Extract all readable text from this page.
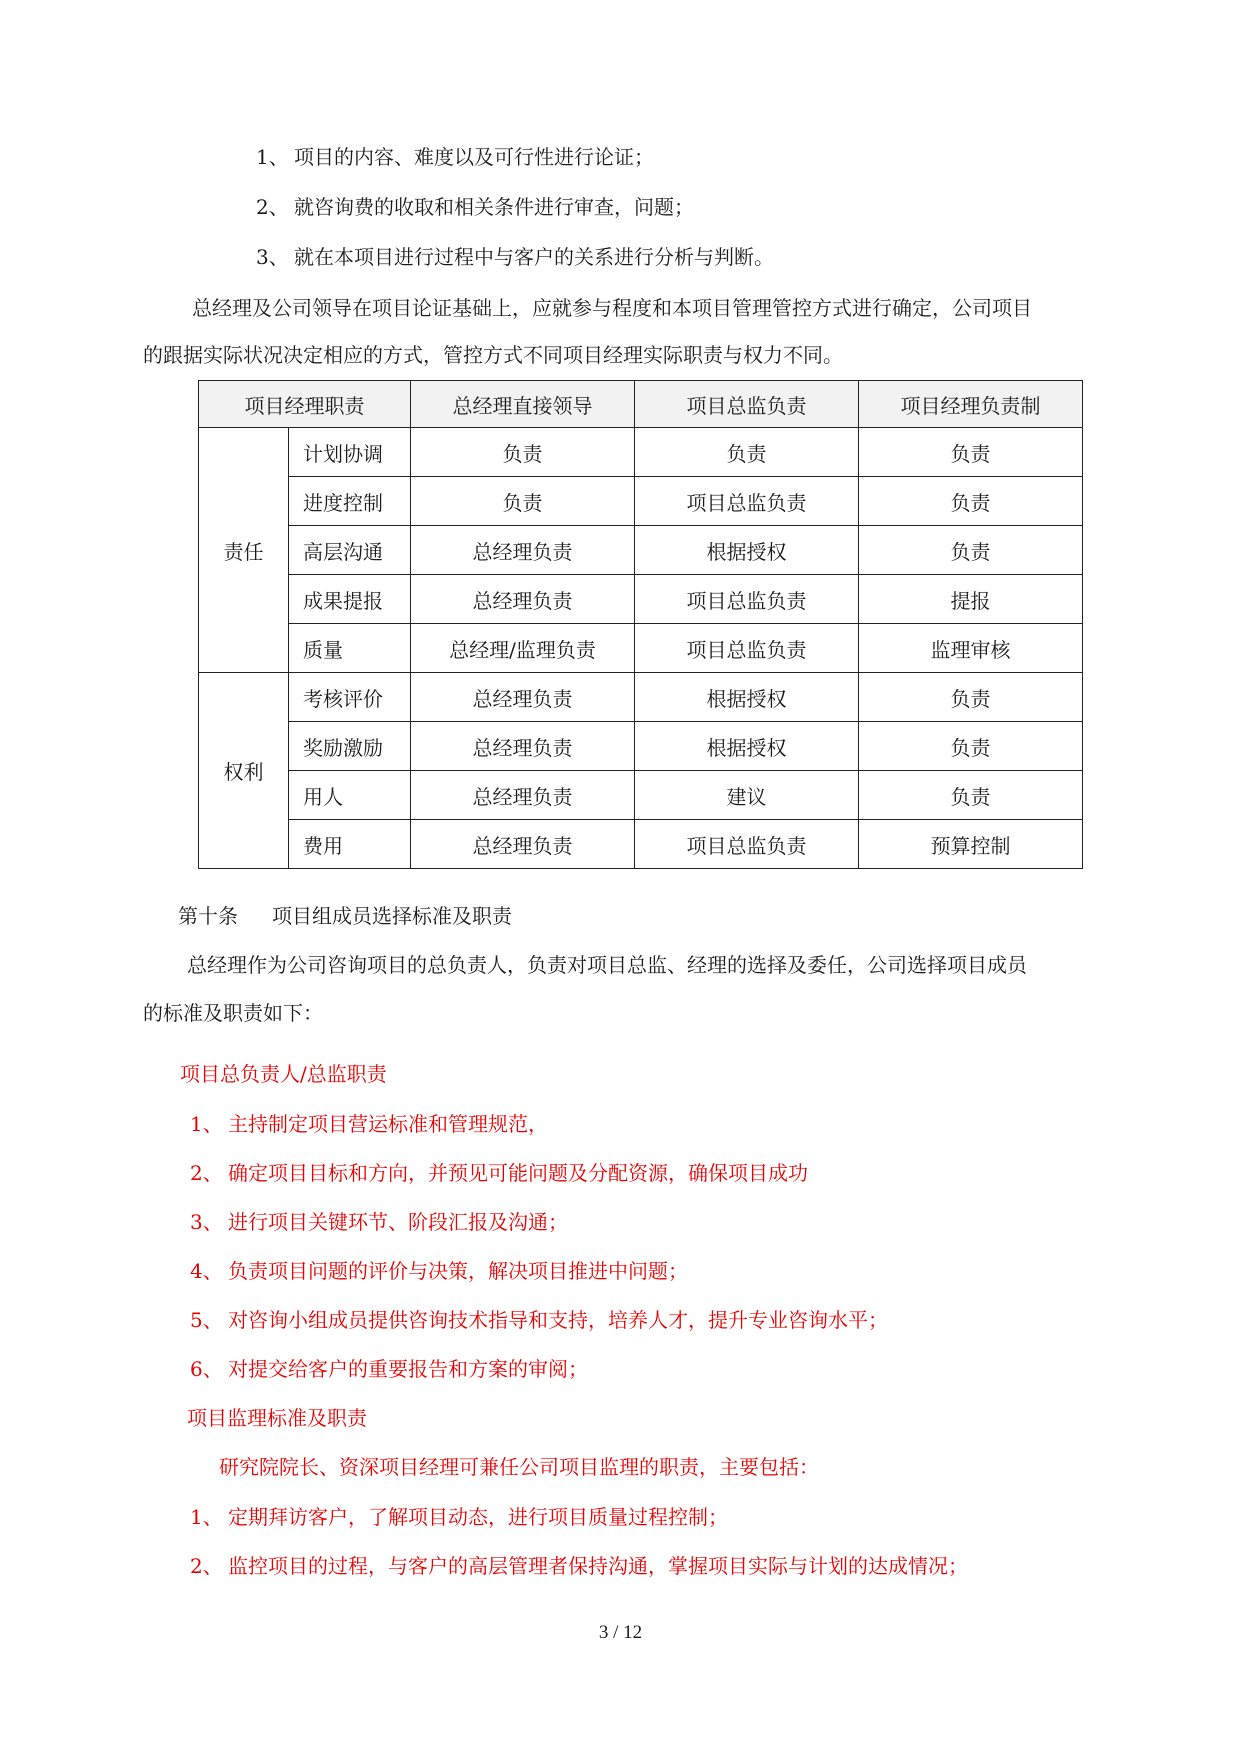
1、 项目的内容、难度以及可行性进行论证；
2、 就咨询费的收取和相关条件进行审查，问题；
3、 就在本项目进行过程中与客户的关系进行分析与判断。
总经理及公司领导在项目论证基础上，应就参与程度和本项目管理管控方式进行确定，公司项目
的跟据实际状况决定相应的方式，管控方式不同项目经理实际职责与权力不同。
项目经理职责		总经理直接领导	项目总监负责	项目经理负责制
责任	计划协调	负责	负责	负责
	进度控制	负责	项目总监负责	负责
	高层沟通	总经理负责	根据授权	负责
	成果提报	总经理负责	项目总监负责	提报
	质量	总经理/监理负责	项目总监负责	监理审核
权利	考核评价	总经理负责	根据授权	负责
	奖励激励	总经理负责	根据授权	负责
	用人	总经理负责	建议	负责
	费用	总经理负责	项目总监负责	预算控制
第十条 项目组成员选择标准及职责
总经理作为公司咨询项目的总负责人，负责对项目总监、经理的选择及委任，公司选择项目成员
的标准及职责如下：
项目总负责人/总监职责
1、 主持制定项目营运标准和管理规范，
2、 确定项目目标和方向，并预见可能问题及分配资源，确保项目成功
3、 进行项目关键环节、阶段汇报及沟通；
4、 负责项目问题的评价与决策，解决项目推进中问题；
5、 对咨询小组成员提供咨询技术指导和支持，培养人才，提升专业咨询水平；
6、 对提交给客户的重要报告和方案的审阅；
项目监理标准及职责
研究院院长、资深项目经理可兼任公司项目监理的职责，主要包括：
1、 定期拜访客户，了解项目动态，进行项目质量过程控制；
2、 监控项目的过程，与客户的高层管理者保持沟通，掌握项目实际与计划的达成情况；
3 / 12
